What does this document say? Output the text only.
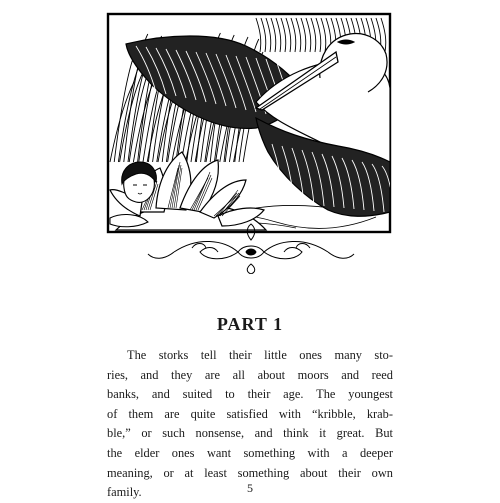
PART 1

The storks tell their little ones many sto-
ries, and they are all about moors and reed
banks, and suited to their age. The youngest
of them are quite satisfied with “kribble, krab-
ble,” or such nonsense, and think it great. But
the elder ones want something with a deeper
meaning, or at least something about their own
family.	5
